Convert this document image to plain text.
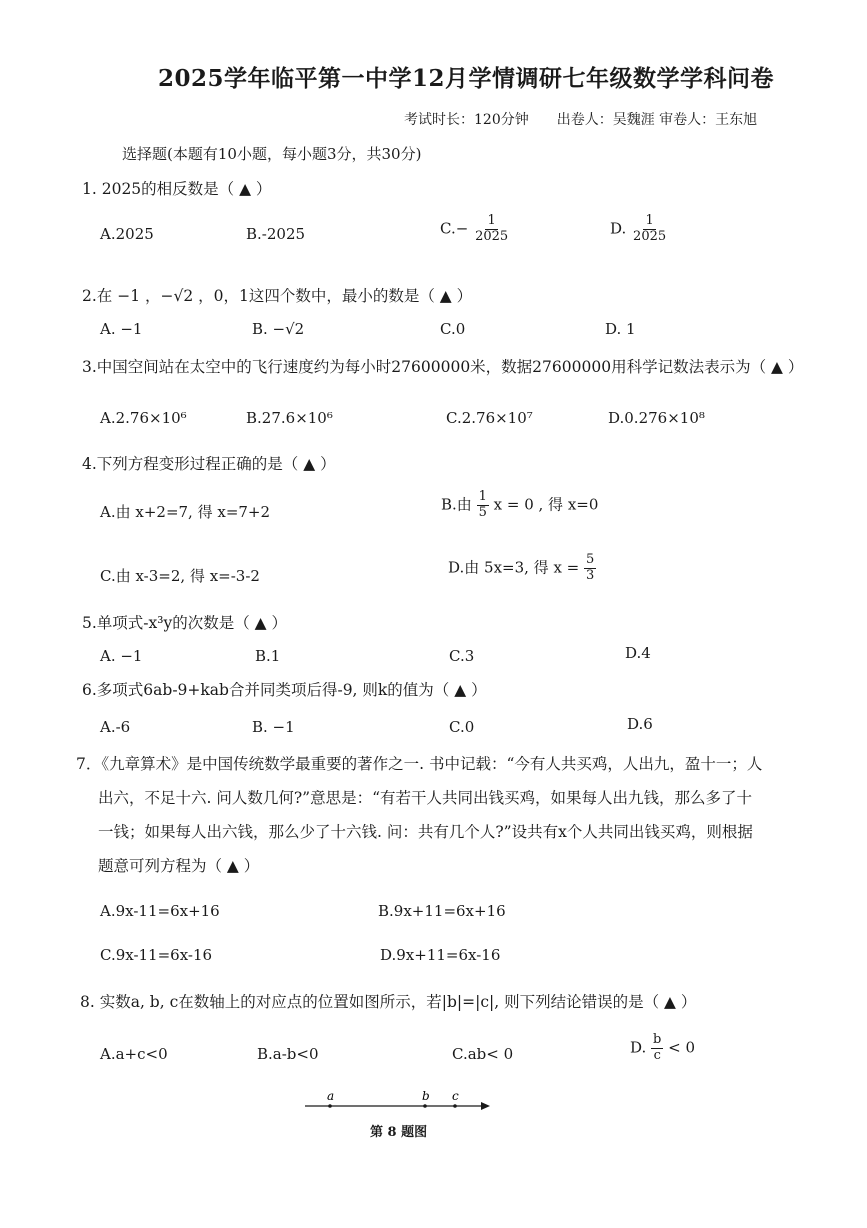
2025学年临平第一中学12月学情调研七年级数学学科问卷
考试时长：120分钟　　出卷人：吴魏涯 审卷人：王东旭
选择题(本题有10小题，每小题3分，共30分)
1. 2025的相反数是（ ▲ ）
A.2025	B.-2025	$C.- \frac{1}{2025}$	D. $\frac{1}{2025}$
2.在 −1 ，−√2 ，0，1这四个数中，最小的数是（ ▲ ）
A. −1	B. −√2	C.0	D. 1
3.中国空间站在太空中的飞行速度约为每小时27600000米，数据27600000用科学记数法表示为（ ▲ ）
A.2.76×10⁶	B.27.6×10⁶	C.2.76×10⁷	D.0.276×10⁸
4.下列方程变形过程正确的是（ ▲ ）
A.由 x+2=7, 得 x=7+2	B.由 $\frac{1}{5}$ x = 0 , 得 x=0
C.由 x-3=2, 得 x=-3-2	D.由 5x=3, 得 $x = \frac{5}{3}$
5.单项式-x³y的次数是（ ▲ ）
A. −1	B.1	C.3	D.4
6.多项式6ab-9+kab合并同类项后得-9, 则k的值为（ ▲ ）
A.-6	B. −1	C.0	D.6
7．《九章算术》是中国传统数学最重要的著作之一. 书中记载：“今有人共买鸡，人出九，盈十一；人
出六，不足十六. 问人数几何?”意思是：“有若干人共同出钱买鸡，如果每人出九钱，那么多了十
一钱；如果每人出六钱，那么少了十六钱. 问：共有几个人?”设共有x个人共同出钱买鸡，则根据
题意可列方程为（ ▲ ）
A.9x-11=6x+16	B.9x+11=6x+16
C.9x-11=6x-16	D.9x+11=6x-16
8. 实数a, b, c在数轴上的对应点的位置如图所示，若|b|=|c|, 则下列结论错误的是（ ▲ ）
A.a+c<0	B.a-b<0	C.ab< 0	D. $\frac{b}{c} < 0$
a	b c
第 8 题图
